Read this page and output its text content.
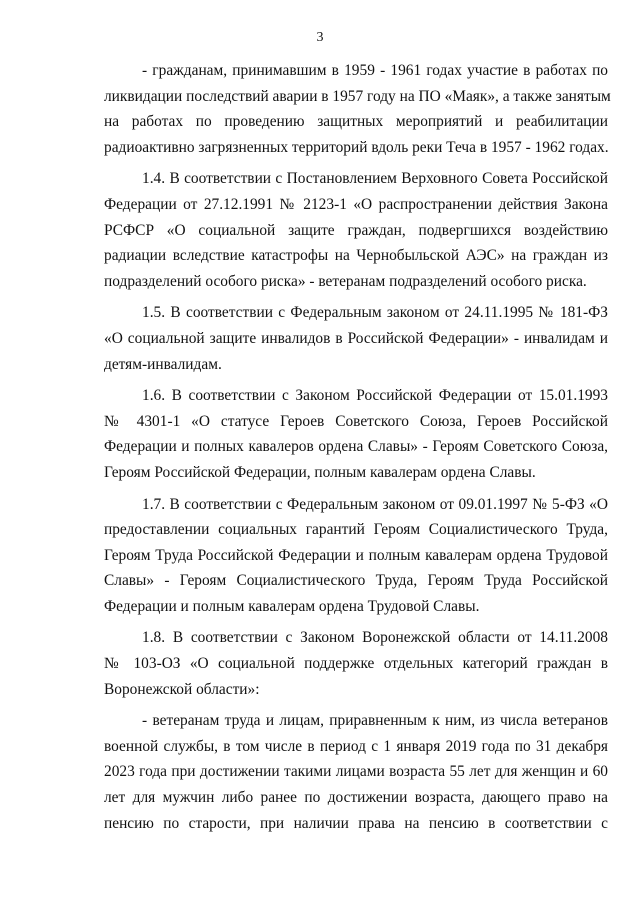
3
- гражданам, принимавшим в 1959 - 1961 годах участие в работах по
ликвидации последствий аварии в 1957 году на ПО «Маяк», а также занятым
на работах по проведению защитных мероприятий и реабилитации
радиоактивно загрязненных территорий вдоль реки Теча в 1957 - 1962 годах.
1.4. В соответствии с Постановлением Верховного Совета Российской
Федерации от 27.12.1991 № 2123-1 «О распространении действия Закона
РСФСР «О социальной защите граждан, подвергшихся воздействию
радиации вследствие катастрофы на Чернобыльской АЭС» на граждан из
подразделений особого риска» - ветеранам подразделений особого риска.
1.5. В соответствии с Федеральным законом от 24.11.1995 № 181-ФЗ
«О социальной защите инвалидов в Российской Федерации» - инвалидам и
детям-инвалидам.
1.6. В соответствии с Законом Российской Федерации от 15.01.1993
№ 4301-1 «О статусе Героев Советского Союза, Героев Российской
Федерации и полных кавалеров ордена Славы» - Героям Советского Союза,
Героям Российской Федерации, полным кавалерам ордена Славы.
1.7. В соответствии с Федеральным законом от 09.01.1997 № 5-ФЗ «О
предоставлении социальных гарантий Героям Социалистического Труда,
Героям Труда Российской Федерации и полным кавалерам ордена Трудовой
Славы» - Героям Социалистического Труда, Героям Труда Российской
Федерации и полным кавалерам ордена Трудовой Славы.
1.8. В соответствии с Законом Воронежской области от 14.11.2008
№ 103-ОЗ «О социальной поддержке отдельных категорий граждан в
Воронежской области»:
- ветеранам труда и лицам, приравненным к ним, из числа ветеранов
военной службы, в том числе в период с 1 января 2019 года по 31 декабря
2023 года при достижении такими лицами возраста 55 лет для женщин и 60
лет для мужчин либо ранее по достижении возраста, дающего право на
пенсию по старости, при наличии права на пенсию в соответствии с
